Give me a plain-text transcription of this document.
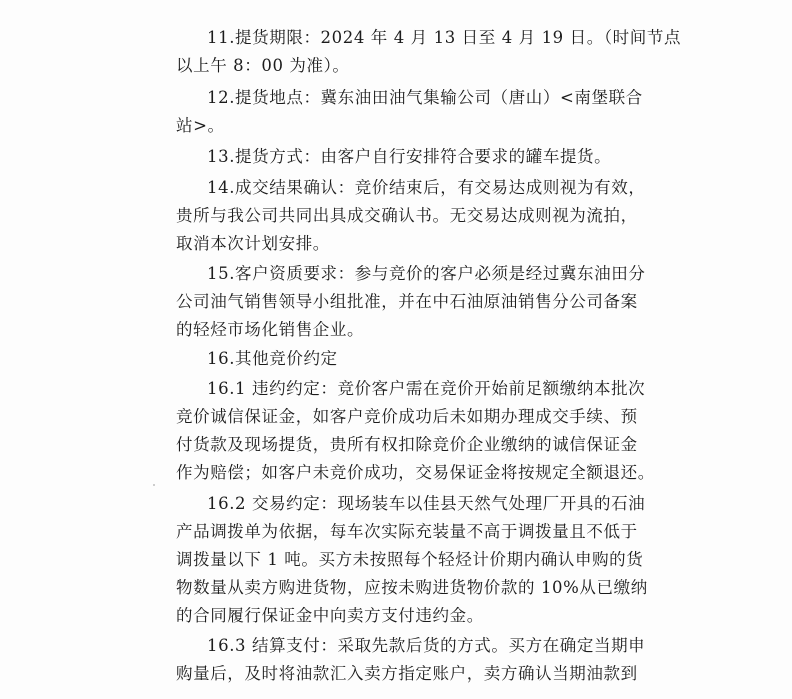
11.提货期限：2024 年 4 月 13 日至 4 月 19 日。（时间节点

以上午 8：00 为准）。

12.提货地点：冀东油田油气集输公司（唐山）<南堡联合

站>。

13.提货方式：由客户自行安排符合要求的罐车提货。

14.成交结果确认：竞价结束后，有交易达成则视为有效，

贵所与我公司共同出具成交确认书。无交易达成则视为流拍，

取消本次计划安排。

15.客户资质要求：参与竞价的客户必须是经过冀东油田分

公司油气销售领导小组批准，并在中石油原油销售分公司备案

的轻烃市场化销售企业。

16.其他竞价约定

16.1 违约约定：竞价客户需在竞价开始前足额缴纳本批次

竞价诚信保证金，如客户竞价成功后未如期办理成交手续、预

付货款及现场提货，贵所有权扣除竞价企业缴纳的诚信保证金

作为赔偿；如客户未竞价成功，交易保证金将按规定全额退还。

16.2 交易约定：现场装车以佳县天然气处理厂开具的石油

产品调拨单为依据，每车次实际充装量不高于调拨量且不低于

调拨量以下 1 吨。买方未按照每个轻烃计价期内确认申购的货

物数量从卖方购进货物，应按未购进货物价款的 10%从已缴纳

的合同履行保证金中向卖方支付违约金。

16.3 结算支付：采取先款后货的方式。买方在确定当期申

购量后，及时将油款汇入卖方指定账户，卖方确认当期油款到
